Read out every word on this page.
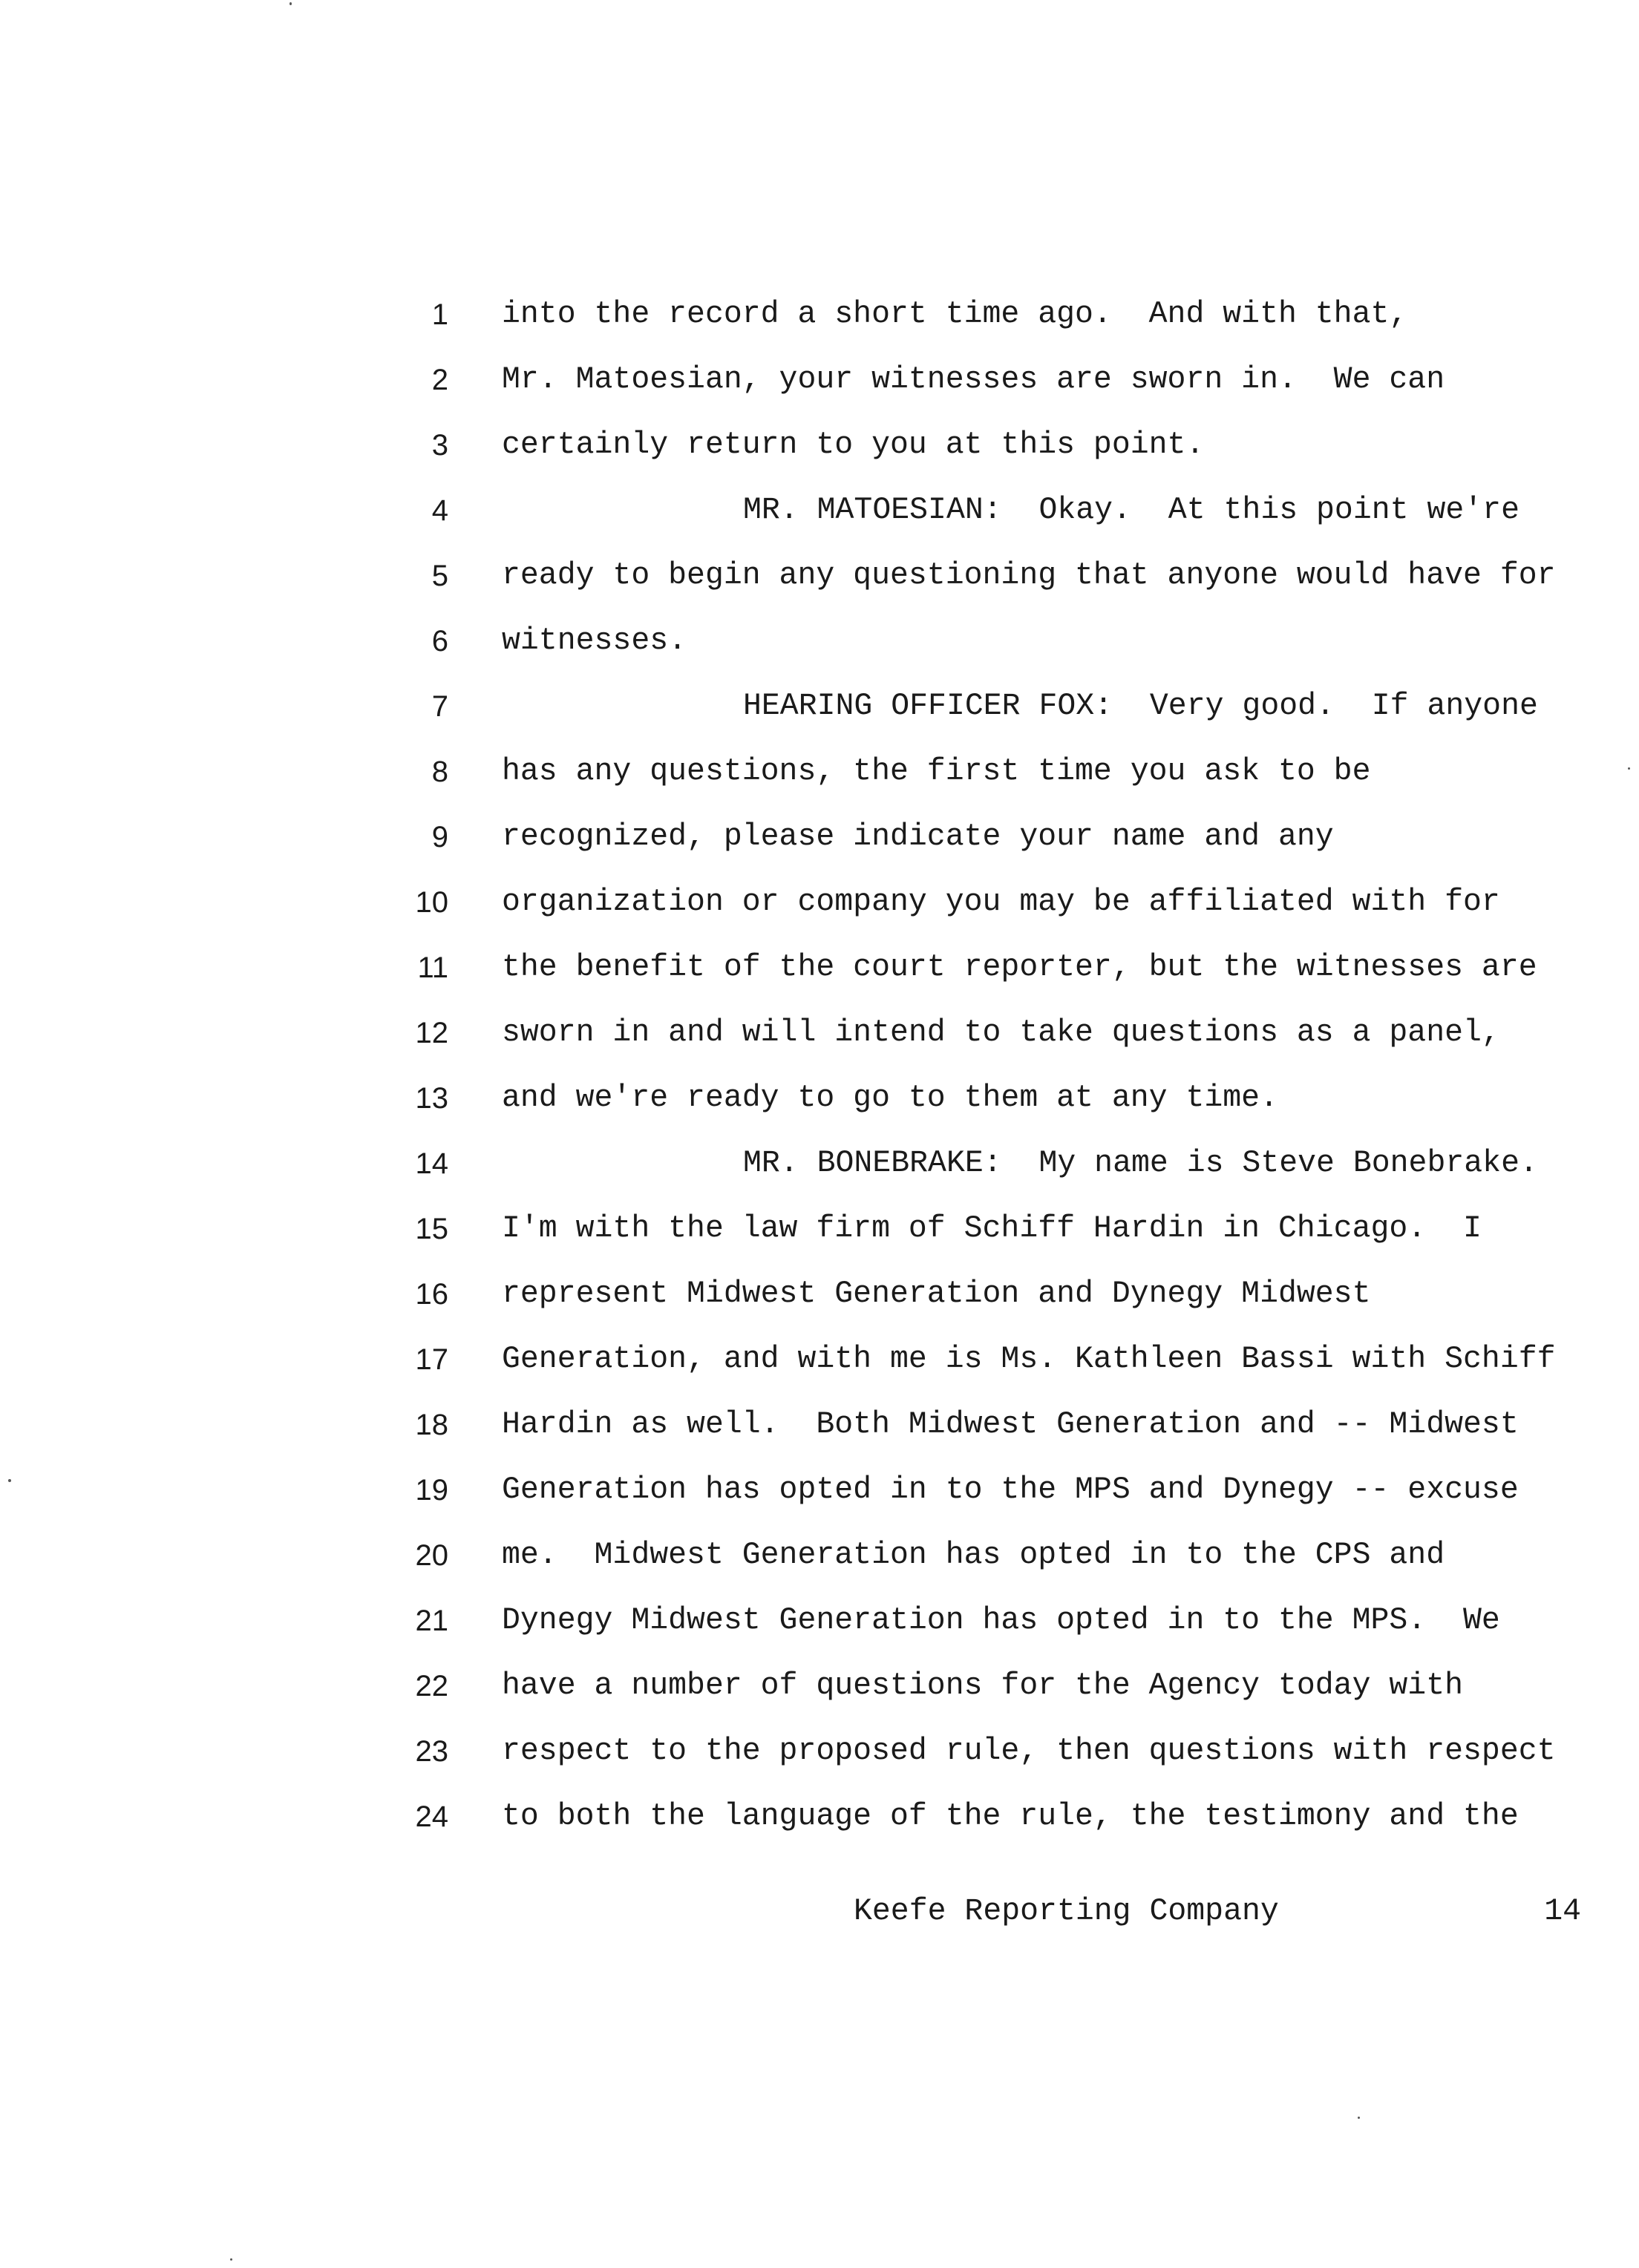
1 into the record a short time ago.  And with that,
2 Mr. Matoesian, your witnesses are sworn in.  We can
3 certainly return to you at this point.
4	MR. MATOESIAN:  Okay.  At this point we're
5 ready to begin any questioning that anyone would have for
6 witnesses.
7	HEARING OFFICER FOX:  Very good.  If anyone
8 has any questions, the first time you ask to be
9 recognized, please indicate your name and any
10 organization or company you may be affiliated with for
11 the benefit of the court reporter, but the witnesses are
12 sworn in and will intend to take questions as a panel,
13 and we're ready to go to them at any time.
14	MR. BONEBRAKE:  My name is Steve Bonebrake.
15 I'm with the law firm of Schiff Hardin in Chicago.  I
16 represent Midwest Generation and Dynegy Midwest
17 Generation, and with me is Ms. Kathleen Bassi with Schiff
18 Hardin as well.  Both Midwest Generation and -- Midwest
19 Generation has opted in to the MPS and Dynegy -- excuse
20 me.  Midwest Generation has opted in to the CPS and
21 Dynegy Midwest Generation has opted in to the MPS.  We
22 have a number of questions for the Agency today with
23 respect to the proposed rule, then questions with respect
24 to both the language of the rule, the testimony and the
Keefe Reporting Company	14
